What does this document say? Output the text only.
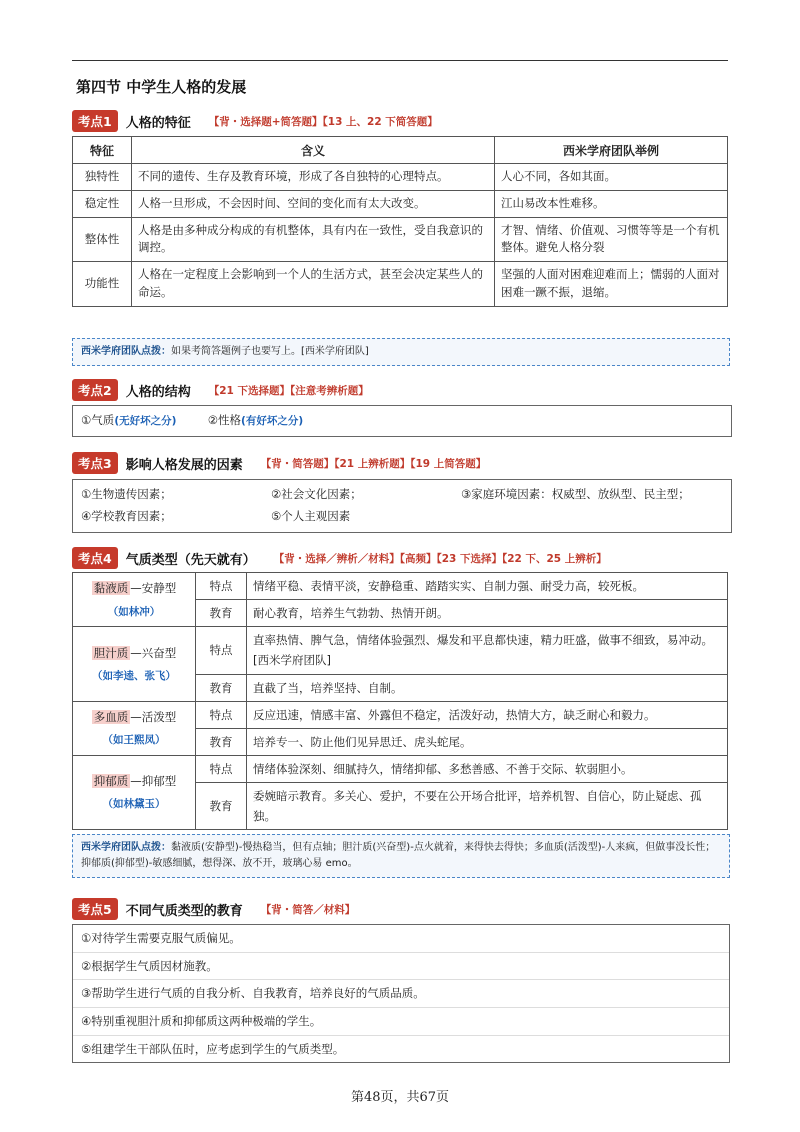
第四节 中学生人格的发展
考点1	人格的特征 【背・选择题+简答题】【13 上、22 下简答题】
特征	含义	西米学府团队举例
独特性	不同的遗传、生存及教育环境，形成了各自独特的心理特点。	人心不同，各如其面。
稳定性	人格一旦形成，不会因时间、空间的变化而有太大改变。	江山易改本性难移。
整体性	人格是由多种成分构成的有机整体，具有内在一致性，受自我意识的调控。	才智、情绪、价值观、习惯等等是一个有机整体。避免人格分裂
功能性	人格在一定程度上会影响到一个人的生活方式，甚至会决定某些人的命运。	坚强的人面对困难迎难而上；懦弱的人面对困难一蹶不振，退缩。
西米学府团队点拨：如果考简答题例子也要写上。[西米学府团队]
考点2	人格的结构 【21 下选择题】【注意考辨析题】
①气质(无好坏之分)	②性格(有好坏之分)
考点3	影响人格发展的因素 【背・简答题】【21 上辨析题】【19 上简答题】
①生物遗传因素；	②社会文化因素；	③家庭环境因素：权威型、放纵型、民主型；
④学校教育因素；	⑤个人主观因素
考点4	气质类型（先天就有） 【背・选择／辨析／材料】【高频】【23 下选择】【22 下、25 上辨析】
黏液质 —安静型
（如林冲）	特点	情绪平稳、表情平淡，安静稳重、踏踏实实、自制力强、耐受力高，较死板。
	教育	耐心教育，培养生气勃勃、热情开朗。
胆汁质 —兴奋型
（如李逵、张飞）	特点	直率热情、脾气急，情绪体验强烈、爆发和平息都快速，精力旺盛，做事不细致，易冲动。[西米学府团队]
	教育	直截了当，培养坚持、自制。
多血质 —活泼型
（如王熙凤）	特点	反应迅速，情感丰富、外露但不稳定，活泼好动，热情大方，缺乏耐心和毅力。
	教育	培养专一、防止他们见异思迁、虎头蛇尾。
抑郁质 —抑郁型
（如林黛玉）	特点	情绪体验深刻、细腻持久，情绪抑郁、多愁善感、不善于交际、软弱胆小。
	教育	委婉暗示教育。多关心、爱护，不要在公开场合批评，培养机智、自信心，防止疑虑、孤独。
西米学府团队点拨：黏液质(安静型)-慢热稳当，但有点轴；胆汁质(兴奋型)-点火就着，来得快去得快；多血质(活泼型)-人来疯，但做事没长性；抑郁质(抑郁型)-敏感细腻，想得深、放不开，玻璃心易 emo。
考点5	不同气质类型的教育 【背・简答／材料】
①对待学生需要克服气质偏见。
②根据学生气质因材施教。
③帮助学生进行气质的自我分析、自我教育，培养良好的气质品质。
④特别重视胆汁质和抑郁质这两种极端的学生。
⑤组建学生干部队伍时，应考虑到学生的气质类型。
第48页，共67页
